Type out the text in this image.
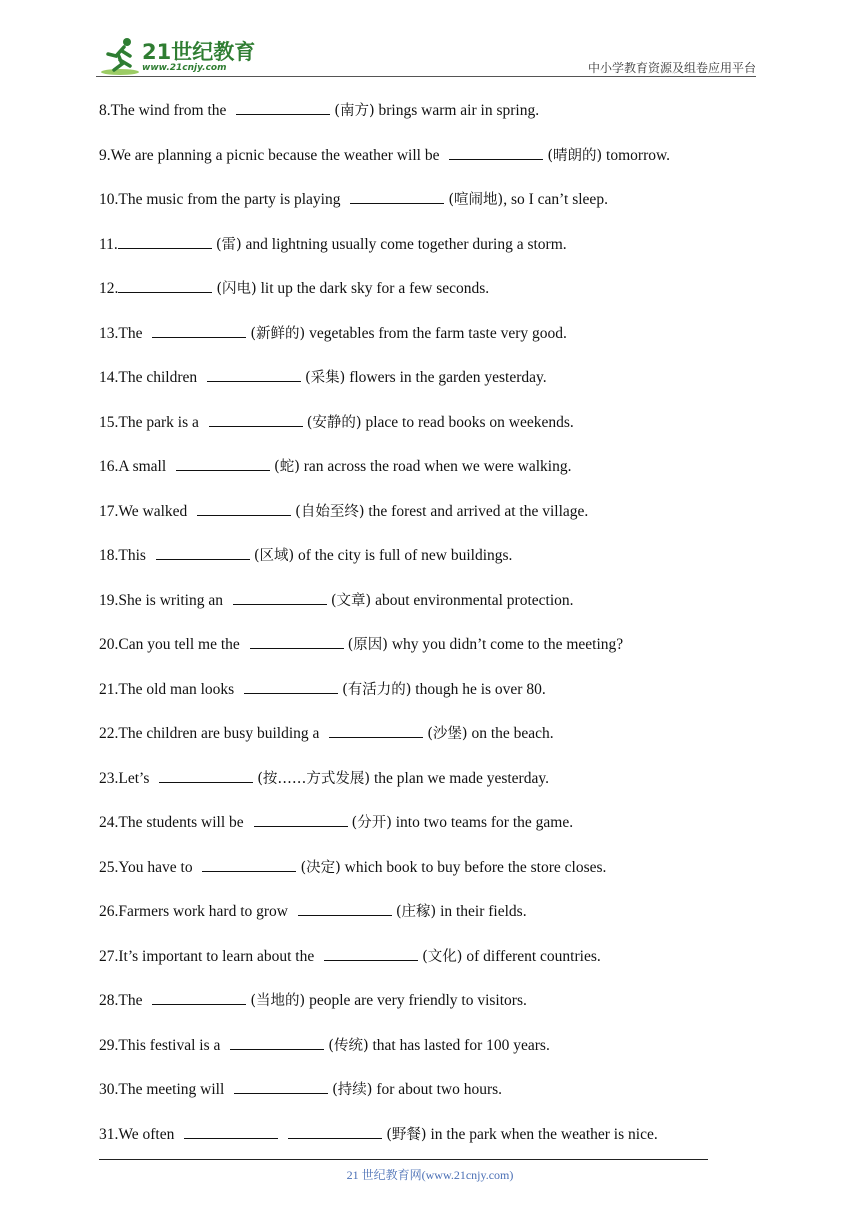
21世纪教育
www.21cnjy.com	中小学教育资源及组卷应用平台
8.The wind from the	(南方) brings warm air in spring.
9.We are planning a picnic because the weather will be	(晴朗的) tomorrow.
10.The music from the party is playing	(喧闹地), so I can’t sleep.
11.	(雷) and lightning usually come together during a storm.
12.	(闪电) lit up the dark sky for a few seconds.
13.The	(新鲜的) vegetables from the farm taste very good.
14.The children	(采集) flowers in the garden yesterday.
15.The park is a	(安静的) place to read books on weekends.
16.A small	(蛇) ran across the road when we were walking.
17.We walked	(自始至终) the forest and arrived at the village.
18.This	(区域) of the city is full of new buildings.
19.She is writing an	(文章) about environmental protection.
20.Can you tell me the	(原因) why you didn’t come to the meeting?
21.The old man looks	(有活力的) though he is over 80.
22.The children are busy building a	(沙堡) on the beach.
23.Let’s	(按……方式发展) the plan we made yesterday.
24.The students will be	(分开) into two teams for the game.
25.You have to	(决定) which book to buy before the store closes.
26.Farmers work hard to grow	(庄稼) in their fields.
27.It’s important to learn about the	(文化) of different countries.
28.The	(当地的) people are very friendly to visitors.
29.This festival is a	(传统) that has lasted for 100 years.
30.The meeting will	(持续) for about two hours.
31.We often	(野餐) in the park when the weather is nice.
21 世纪教育网(www.21cnjy.com)
